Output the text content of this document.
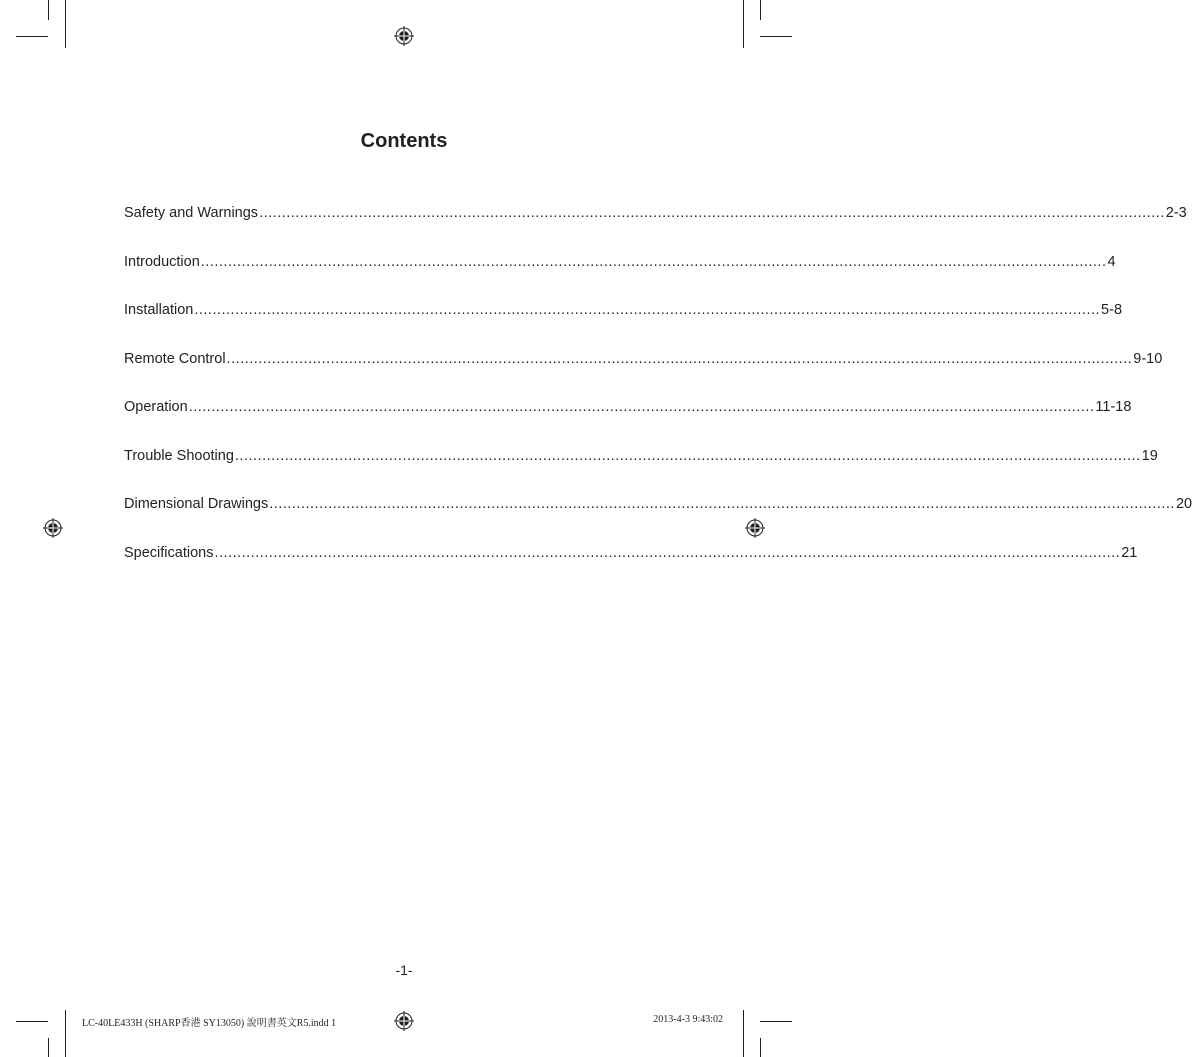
Contents
Safety and Warnings ........................................................................................................................................................................................................ 2-3
Introduction ........................................................................................................................................................................................................ 4
Installation ........................................................................................................................................................................................................ 5-8
Remote Control ........................................................................................................................................................................................................ 9-10
Operation ........................................................................................................................................................................................................ 11-18
Trouble Shooting ........................................................................................................................................................................................................ 19
Dimensional Drawings ........................................................................................................................................................................................................ 20
Specifications ........................................................................................................................................................................................................ 21
-1-
LC-40LE433H (SHARP香港 SY13050) 說明書英文R5.indd 1	2013-4-3 9:43:02
